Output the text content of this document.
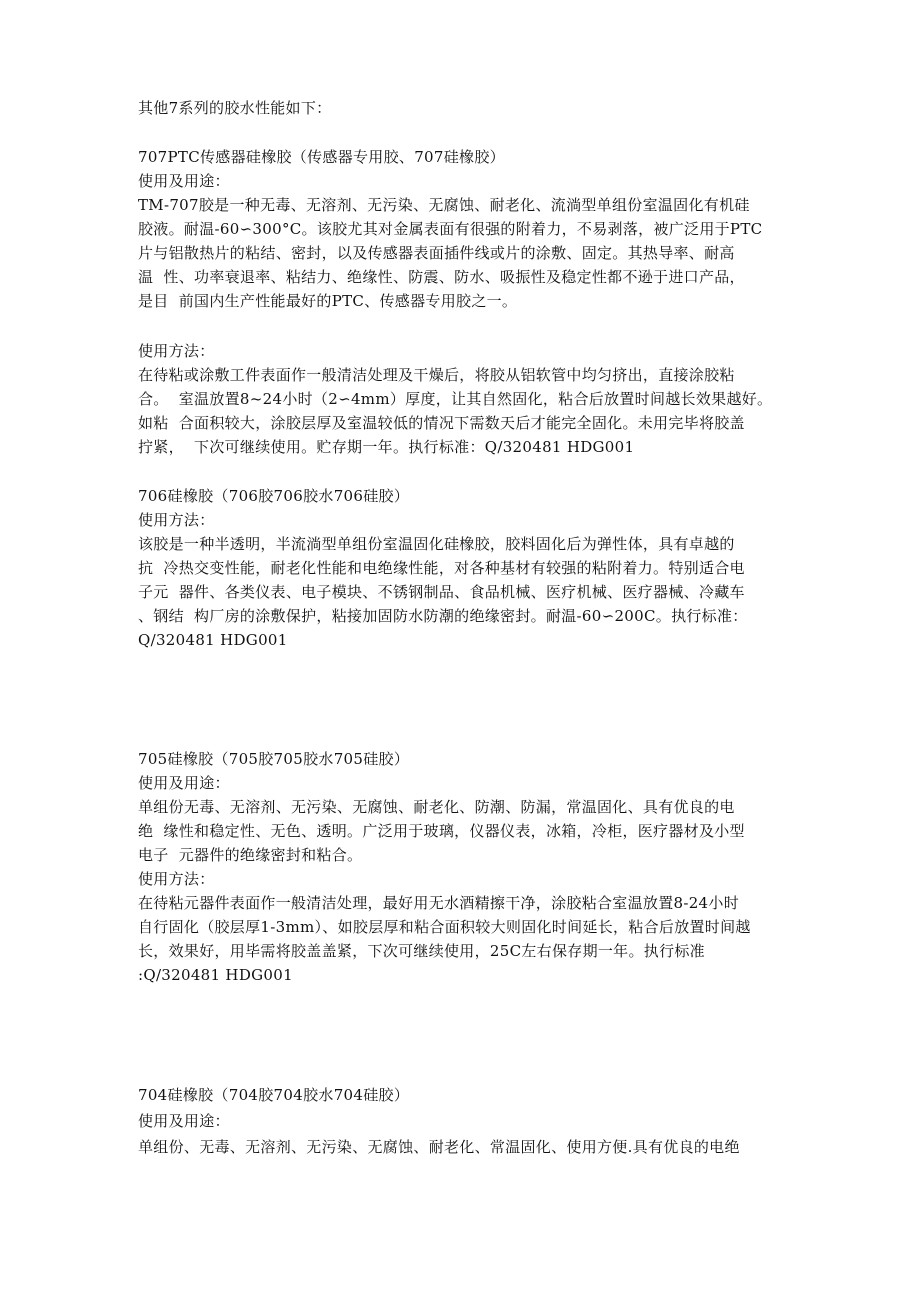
其他7系列的胶水性能如下：

707PTC传感器硅橡胶（传感器专用胶、707硅橡胶）

使用及用途：

TM-707胶是一种无毒、无溶剂、无污染、无腐蚀、耐老化、流淌型单组份室温固化有机硅

胶液。耐温-60∽300°C。该胶尤其对金属表面有很强的附着力，不易剥落，被广泛用于PTC

片与铝散热片的粘结、密封，以及传感器表面插件线或片的涂敷、固定。其热导率、耐高

温  性、功率衰退率、粘结力、绝缘性、防震、防水、吸振性及稳定性都不逊于进口产品，

是目  前国内生产性能最好的PTC、传感器专用胶之一。

使用方法：

在待粘或涂敷工件表面作一般清洁处理及干燥后，将胶从铝软管中均匀挤出，直接涂胶粘

合。  室温放置8~24小时（2∽4mm）厚度，让其自然固化，粘合后放置时间越长效果越好。

如粘  合面积较大，涂胶层厚及室温较低的情况下需数天后才能完全固化。未用完毕将胶盖

拧紧，  下次可继续使用。贮存期一年。执行标准：Q/320481 HDG001

706硅橡胶（706胶706胶水706硅胶）

使用方法：

该胶是一种半透明，半流淌型单组份室温固化硅橡胶，胶料固化后为弹性体，具有卓越的

抗  冷热交变性能，耐老化性能和电绝缘性能，对各种基材有较强的粘附着力。特别适合电

子元  器件、各类仪表、电子模块、不锈钢制品、食品机械、医疗机械、医疗器械、冷藏车

、钢结  构厂房的涂敷保护，粘接加固防水防潮的绝缘密封。耐温-60∽200C。执行标准：

Q/320481 HDG001

705硅橡胶（705胶705胶水705硅胶）

使用及用途：

单组份无毒、无溶剂、无污染、无腐蚀、耐老化、防潮、防漏，常温固化、具有优良的电

绝  缘性和稳定性、无色、透明。广泛用于玻璃，仪器仪表，冰箱，冷柜，医疗器材及小型

电子  元器件的绝缘密封和粘合。

使用方法：

在待粘元器件表面作一般清洁处理，最好用无水酒精擦干净，涂胶粘合室温放置8-24小时

自行固化（胶层厚1-3mm）、如胶层厚和粘合面积较大则固化时间延长，粘合后放置时间越

长，效果好，用毕需将胶盖盖紧，下次可继续使用，25C左右保存期一年。执行标准

:Q/320481 HDG001

704硅橡胶（704胶704胶水704硅胶）

使用及用途：

单组份、无毒、无溶剂、无污染、无腐蚀、耐老化、常温固化、使用方便.具有优良的电绝
